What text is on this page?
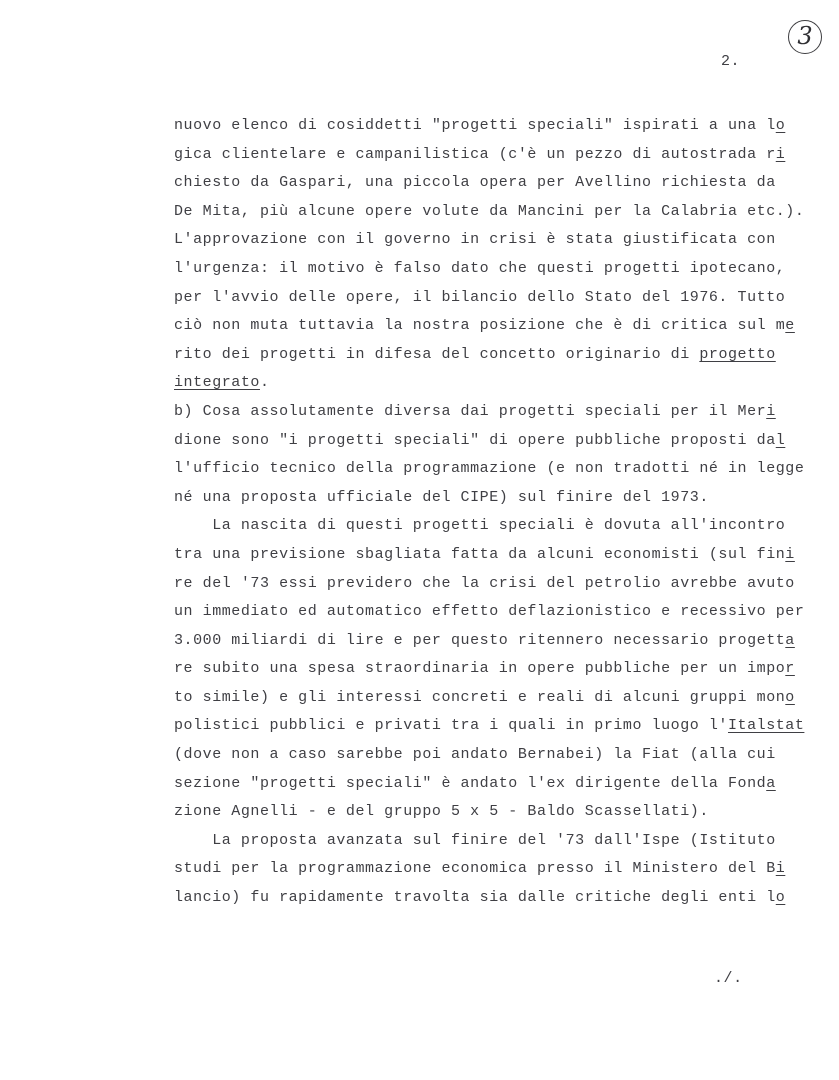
3
2.
nuovo elenco di cosiddetti "progetti speciali" ispirati a una lo
gica clientelare e campanilistica (c'è un pezzo di autostrada ri
chiesto da Gaspari, una piccola opera per Avellino richiesta da
De Mita, più alcune opere volute da Mancini per la Calabria etc.).
L'approvazione con il governo in crisi è stata giustificata con
l'urgenza: il motivo è falso dato che questi progetti ipotecano,
per l'avvio delle opere, il bilancio dello Stato del 1976. Tutto
ciò non muta tuttavia la nostra posizione che è di critica sul me
rito dei progetti in difesa del concetto originario di progetto
integrato.
b) Cosa assolutamente diversa dai progetti speciali per il Meri
dione sono "i progetti speciali" di opere pubbliche proposti dal
l'ufficio tecnico della programmazione (e non tradotti né in legge
né una proposta ufficiale del CIPE) sul finire del 1973.
La nascita di questi progetti speciali è dovuta all'incontro
tra una previsione sbagliata fatta da alcuni economisti (sul fini
re del '73 essi previdero che la crisi del petrolio avrebbe avuto
un immediato ed automatico effetto deflazionistico e recessivo per
3.000 miliardi di lire e per questo ritennero necessario progetta
re subito una spesa straordinaria in opere pubbliche per un impor
to simile) e gli interessi concreti e reali di alcuni gruppi mono
polistici pubblici e privati tra i quali in primo luogo l'Italstat
(dove non a caso sarebbe poi andato Bernabei) la Fiat (alla cui
sezione "progetti speciali" è andato l'ex dirigente della Fonda
zione Agnelli - e del gruppo 5 x 5 - Baldo Scassellati).
La proposta avanzata sul finire del '73 dall'Ispe (Istituto
studi per la programmazione economica presso il Ministero del Bi
lancio) fu rapidamente travolta sia dalle critiche degli enti lo
./.
